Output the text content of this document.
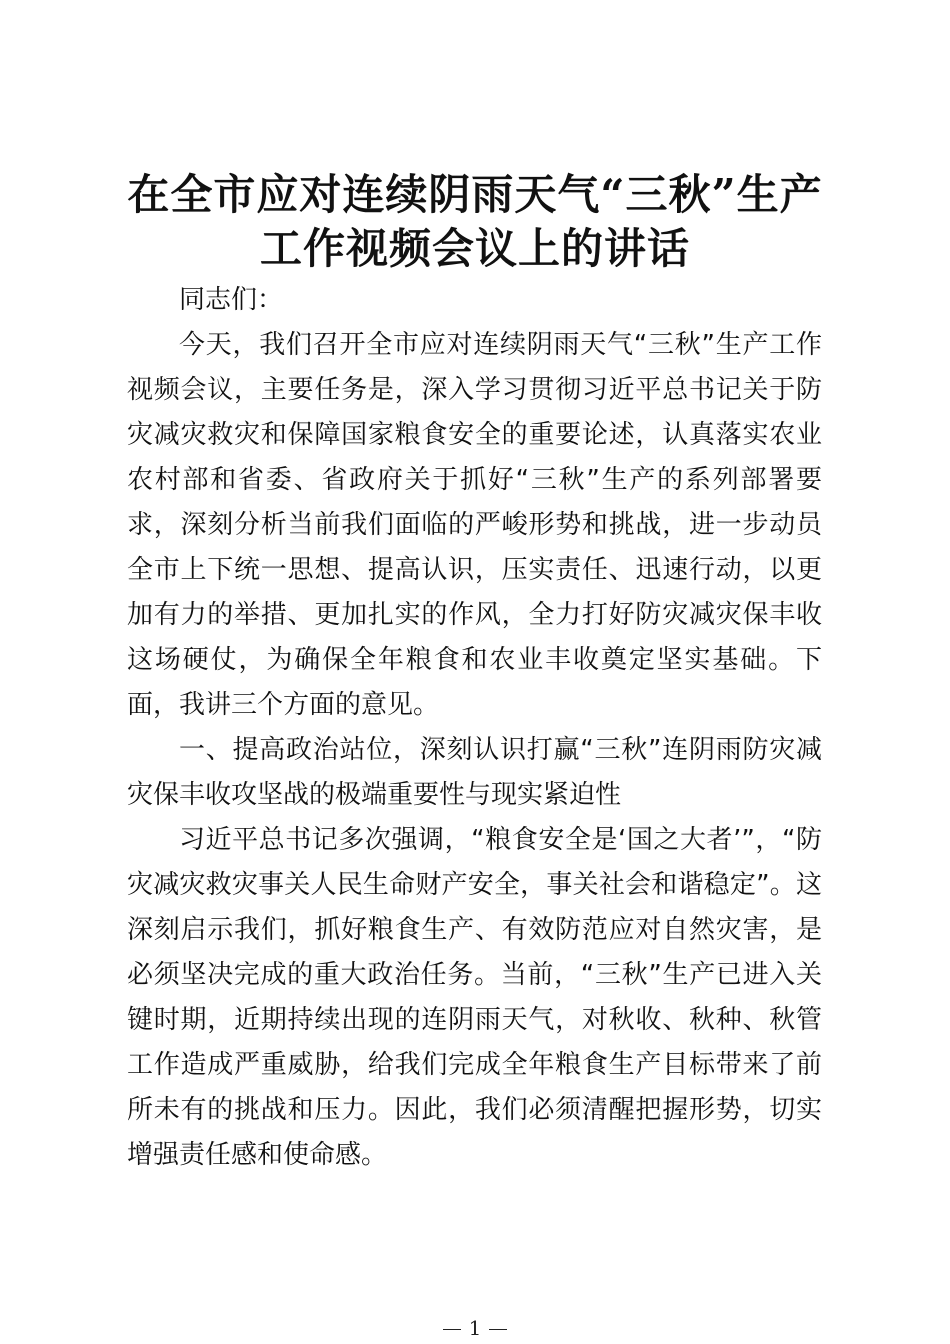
在全市应对连续阴雨天气“三秋”生产工作视频会议上的讲话

同志们：

今天，我们召开全市应对连续阴雨天气“三秋”生产工作视频会议，主要任务是，深入学习贯彻习近平总书记关于防灾减灾救灾和保障国家粮食安全的重要论述，认真落实农业农村部和省委、省政府关于抓好“三秋”生产的系列部署要求，深刻分析当前我们面临的严峻形势和挑战，进一步动员全市上下统一思想、提高认识，压实责任、迅速行动，以更加有力的举措、更加扎实的作风，全力打好防灾减灾保丰收这场硬仗，为确保全年粮食和农业丰收奠定坚实基础。下面，我讲三个方面的意见。

一、提高政治站位，深刻认识打赢“三秋”连阴雨防灾减灾保丰收攻坚战的极端重要性与现实紧迫性

习近平总书记多次强调，“粮食安全是‘国之大者’”，“防灾减灾救灾事关人民生命财产安全，事关社会和谐稳定”。这深刻启示我们，抓好粮食生产、有效防范应对自然灾害，是必须坚决完成的重大政治任务。当前，“三秋”生产已进入关键时期，近期持续出现的连阴雨天气，对秋收、秋种、秋管工作造成严重威胁，给我们完成全年粮食生产目标带来了前所未有的挑战和压力。因此，我们必须清醒把握形势，切实增强责任感和使命感。

1
